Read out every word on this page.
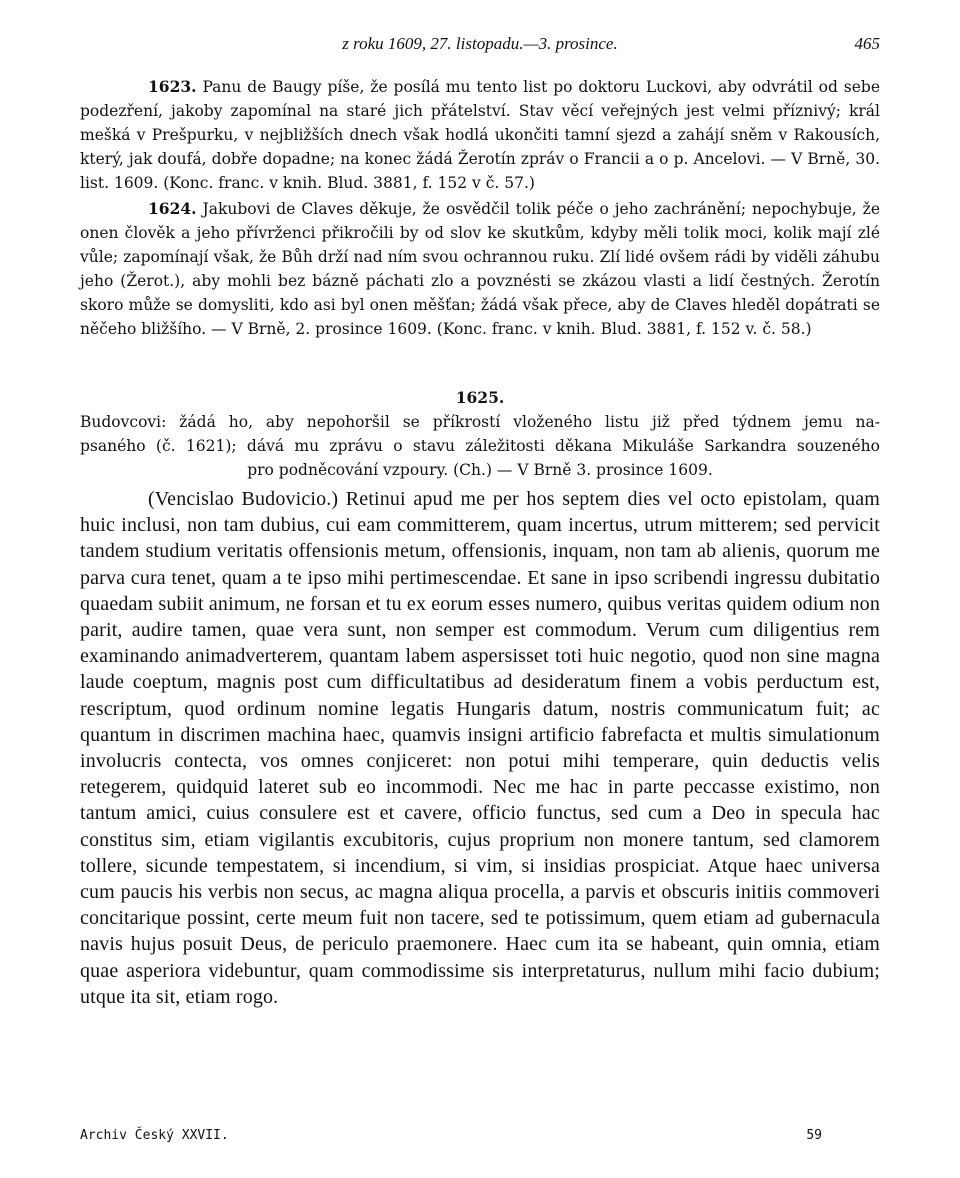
z roku 1609, 27. listopadu.—3. prosince.	465

1623. Panu de Baugy píše, že posílá mu tento list po doktoru Luckovi, aby odvrátil od sebe podezření, jakoby zapomínal na staré jich přátelství. Stav věcí veřejných jest velmi příznivý; král mešká v Prešpurku, v nejbližších dnech však hodlá ukončiti tamní sjezd a zahájí sněm v Rakousích, který, jak doufá, dobře dopadne; na konec žádá Žerotín zpráv o Francii a o p. Ancelovi. — V Brně, 30. list. 1609. (Konc. franc. v knih. Blud. 3881, f. 152 v č. 57.)

1624. Jakubovi de Claves děkuje, že osvědčil tolik péče o jeho zachránění; nepochybuje, že onen člověk a jeho přívrženci přikročili by od slov ke skutkům, kdyby měli tolik moci, kolik mají zlé vůle; zapomínají však, že Bůh drží nad ním svou ochrannou ruku. Zlí lidé ovšem rádi by viděli záhubu jeho (Žerot.), aby mohli bez bázně páchati zlo a povznésti se zkázou vlasti a lidí čestných. Žerotín skoro může se domysliti, kdo asi byl onen měšťan; žádá však přece, aby de Claves hleděl dopátrati se něčeho bližšího. — V Brně, 2. prosince 1609. (Konc. franc. v knih. Blud. 3881, f. 152 v. č. 58.)

1625.
Budovcovi: žádá ho, aby nepohoršil se příkrostí vloženého listu již před týdnem jemu na-
psaného (č. 1621); dává mu zprávu o stavu záležitosti děkana Mikuláše Sarkandra souzeného
pro podněcování vzpoury. (Ch.) — V Brně 3. prosince 1609.

(Vencislao Budovicio.) Retinui apud me per hos septem dies vel octo epistolam, quam huic inclusi, non tam dubius, cui eam committerem, quam incertus, utrum mitterem; sed pervicit tandem studium veritatis offensionis metum, offensionis, inquam, non tam ab alienis, quorum me parva cura tenet, quam a te ipso mihi pertimescendae. Et sane in ipso scribendi ingressu dubitatio quaedam subiit animum, ne forsan et tu ex eorum esses numero, quibus veritas quidem odium non parit, audire tamen, quae vera sunt, non semper est commodum. Verum cum diligentius rem examinando animadverterem, quantam labem aspersisset toti huic negotio, quod non sine magna laude coeptum, magnis post cum difficultatibus ad desideratum finem a vobis perductum est, rescriptum, quod ordinum nomine legatis Hungaris datum, nostris communicatum fuit; ac quantum in discrimen machina haec, quamvis insigni artificio fabrefacta et multis simulationum involucris contecta, vos omnes conjiceret: non potui mihi temperare, quin deductis velis retegerem, quidquid lateret sub eo incommodi. Nec me hac in parte peccasse existimo, non tantum amici, cuius consulere est et cavere, officio functus, sed cum a Deo in specula hac constitus sim, etiam vigilantis excubitoris, cujus proprium non monere tantum, sed clamorem tollere, sicunde tempestatem, si incendium, si vim, si insidias prospiciat. Atque haec universa cum paucis his verbis non secus, ac magna aliqua procella, a parvis et obscuris initiis commoveri concitarique possint, certe meum fuit non tacere, sed te potissimum, quem etiam ad gubernacula navis hujus posuit Deus, de periculo praemonere. Haec cum ita se habeant, quin omnia, etiam quae asperiora videbuntur, quam commodissime sis interpretaturus, nullum mihi facio dubium; utque ita sit, etiam rogo.

Archiv Český XXVII.	59
